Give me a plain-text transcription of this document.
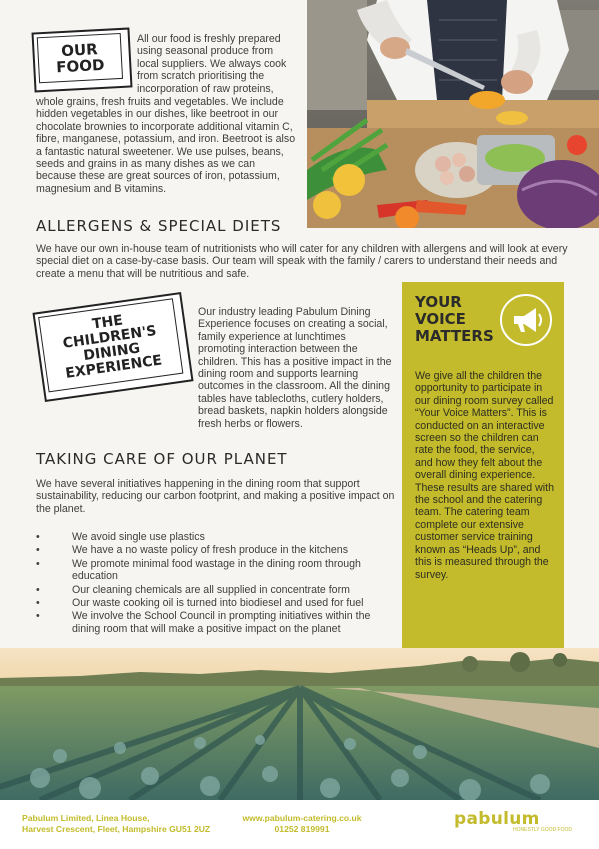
OUR FOOD
All our food is freshly prepared using seasonal produce from local suppliers. We always cook from scratch prioritising the incorporation of raw proteins,
whole grains, fresh fruits and vegetables. We include hidden vegetables in our dishes, like beetroot in our chocolate brownies to incorporate additional vitamin C, fibre, manganese, potassium, and iron. Beetroot is also a fantastic natural sweetener. We use pulses, beans, seeds and grains in as many dishes as we can because these are great sources of iron, potassium, magnesium and B vitamins.
ALLERGENS & SPECIAL DIETS
We have our own in-house team of nutritionists who will cater for any children with allergens and will look at every special diet on a case-by-case basis. Our team will speak with the family / carers to understand their needs and create a menu that will be nutritious and safe.
THE CHILDREN'S DINING EXPERIENCE
Our industry leading Pabulum Dining Experience focuses on creating a social, family experience at lunchtimes promoting interaction between the children. This has a positive impact in the dining room and supports learning outcomes in the classroom. All the dining tables have tablecloths, cutlery holders, bread baskets, napkin holders alongside fresh herbs or flowers.
YOUR
VOICE
MATTERS
We give all the children the opportunity to participate in our dining room survey called “Your Voice Matters”. This is conducted on an interactive screen so the children can rate the food, the service, and how they felt about the overall dining experience. These results are shared with the school and the catering team. The catering team complete our extensive customer service training known as “Heads Up”, and this is measured through the survey.
TAKING CARE OF OUR PLANET
We have several initiatives happening in the dining room that support sustainability, reducing our carbon footprint, and making a positive impact on the planet.
• We avoid single use plastics
• We have a no waste policy of fresh produce in the kitchens
• We promote minimal food wastage in the dining room through education
• Our cleaning chemicals are all supplied in concentrate form
• Our waste cooking oil is turned into biodiesel and used for fuel
• We involve the School Council in prompting initiatives within the dining room that will make a positive impact on the planet
Pabulum Limited, Linea House,
Harvest Crescent, Fleet, Hampshire GU51 2UZ
www.pabulum-catering.co.uk
01252 819991	pabulum
HONESTLY GOOD FOOD
